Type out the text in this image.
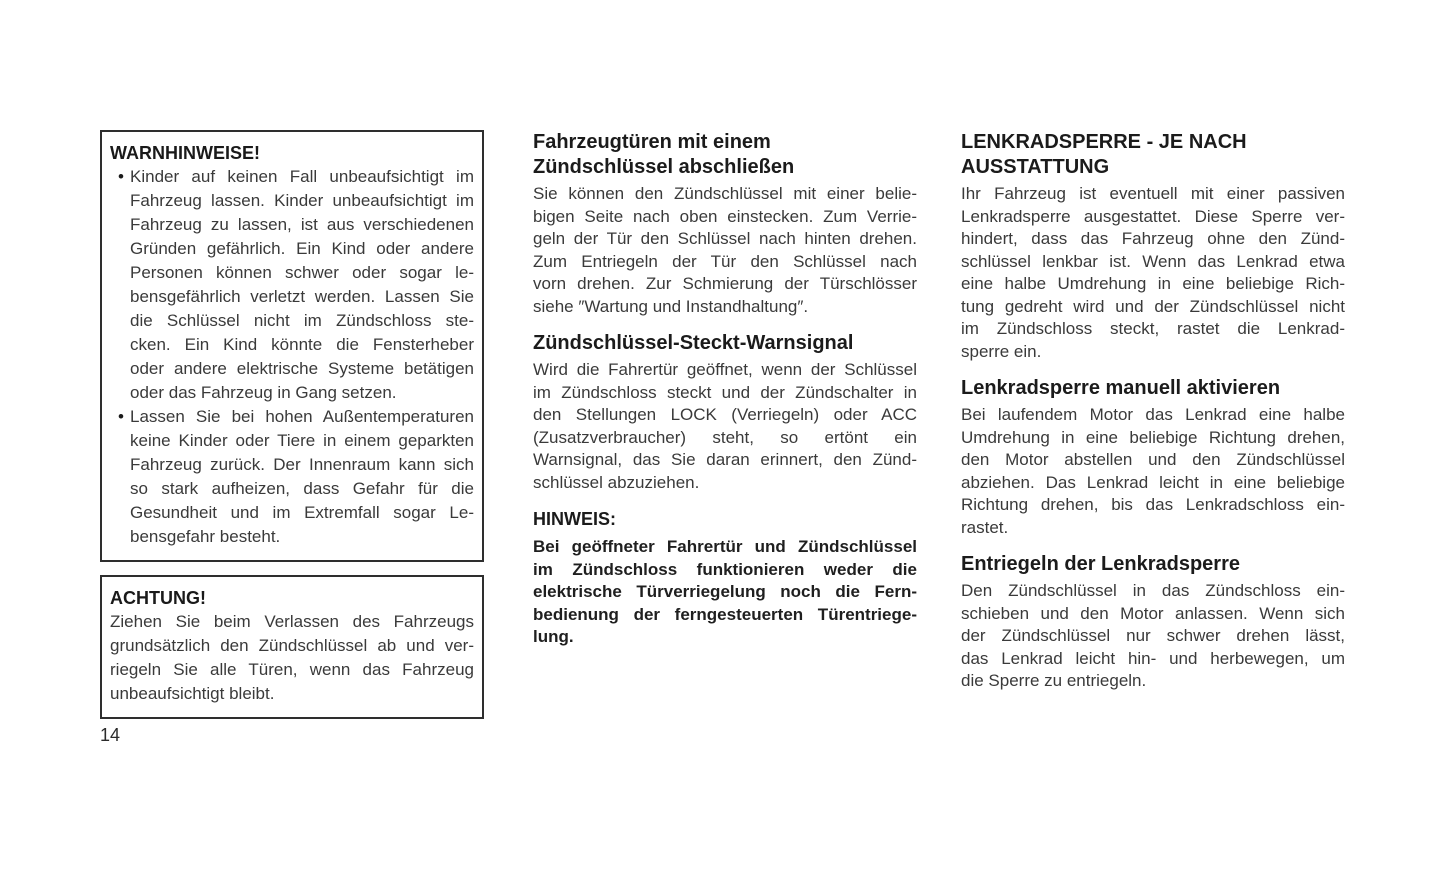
WARNHINWEISE!
• Kinder auf keinen Fall unbeaufsichtigt im
Fahrzeug lassen. Kinder unbeaufsichtigt im
Fahrzeug zu lassen, ist aus verschiedenen
Gründen gefährlich. Ein Kind oder andere
Personen können schwer oder sogar le-
bensgefährlich verletzt werden. Lassen Sie
die Schlüssel nicht im Zündschloss ste-
cken. Ein Kind könnte die Fensterheber
oder andere elektrische Systeme betätigen
oder das Fahrzeug in Gang setzen.
• Lassen Sie bei hohen Außentemperaturen
keine Kinder oder Tiere in einem geparkten
Fahrzeug zurück. Der Innenraum kann sich
so stark aufheizen, dass Gefahr für die
Gesundheit und im Extremfall sogar Le-
bensgefahr besteht.
ACHTUNG!
Ziehen Sie beim Verlassen des Fahrzeugs
grundsätzlich den Zündschlüssel ab und ver-
riegeln Sie alle Türen, wenn das Fahrzeug
unbeaufsichtigt bleibt.
Fahrzeugtüren mit einem
Zündschlüssel abschließen
Sie können den Zündschlüssel mit einer belie-
bigen Seite nach oben einstecken. Zum Verrie-
geln der Tür den Schlüssel nach hinten drehen.
Zum Entriegeln der Tür den Schlüssel nach
vorn drehen. Zur Schmierung der Türschlösser
siehe ″Wartung und Instandhaltung″.
Zündschlüssel-Steckt-Warnsignal
Wird die Fahrertür geöffnet, wenn der Schlüssel
im Zündschloss steckt und der Zündschalter in
den Stellungen LOCK (Verriegeln) oder ACC
(Zusatzverbraucher) steht, so ertönt ein
Warnsignal, das Sie daran erinnert, den Zünd-
schlüssel abzuziehen.
HINWEIS:
Bei geöffneter Fahrertür und Zündschlüssel
im Zündschloss funktionieren weder die
elektrische Türverriegelung noch die Fern-
bedienung der ferngesteuerten Türentriege-
lung.
LENKRADSPERRE - JE NACH
AUSSTATTUNG
Ihr Fahrzeug ist eventuell mit einer passiven
Lenkradsperre ausgestattet. Diese Sperre ver-
hindert, dass das Fahrzeug ohne den Zünd-
schlüssel lenkbar ist. Wenn das Lenkrad etwa
eine halbe Umdrehung in eine beliebige Rich-
tung gedreht wird und der Zündschlüssel nicht
im Zündschloss steckt, rastet die Lenkrad-
sperre ein.
Lenkradsperre manuell aktivieren
Bei laufendem Motor das Lenkrad eine halbe
Umdrehung in eine beliebige Richtung drehen,
den Motor abstellen und den Zündschlüssel
abziehen. Das Lenkrad leicht in eine beliebige
Richtung drehen, bis das Lenkradschloss ein-
rastet.
Entriegeln der Lenkradsperre
Den Zündschlüssel in das Zündschloss ein-
schieben und den Motor anlassen. Wenn sich
der Zündschlüssel nur schwer drehen lässt,
das Lenkrad leicht hin- und herbewegen, um
die Sperre zu entriegeln.
14
